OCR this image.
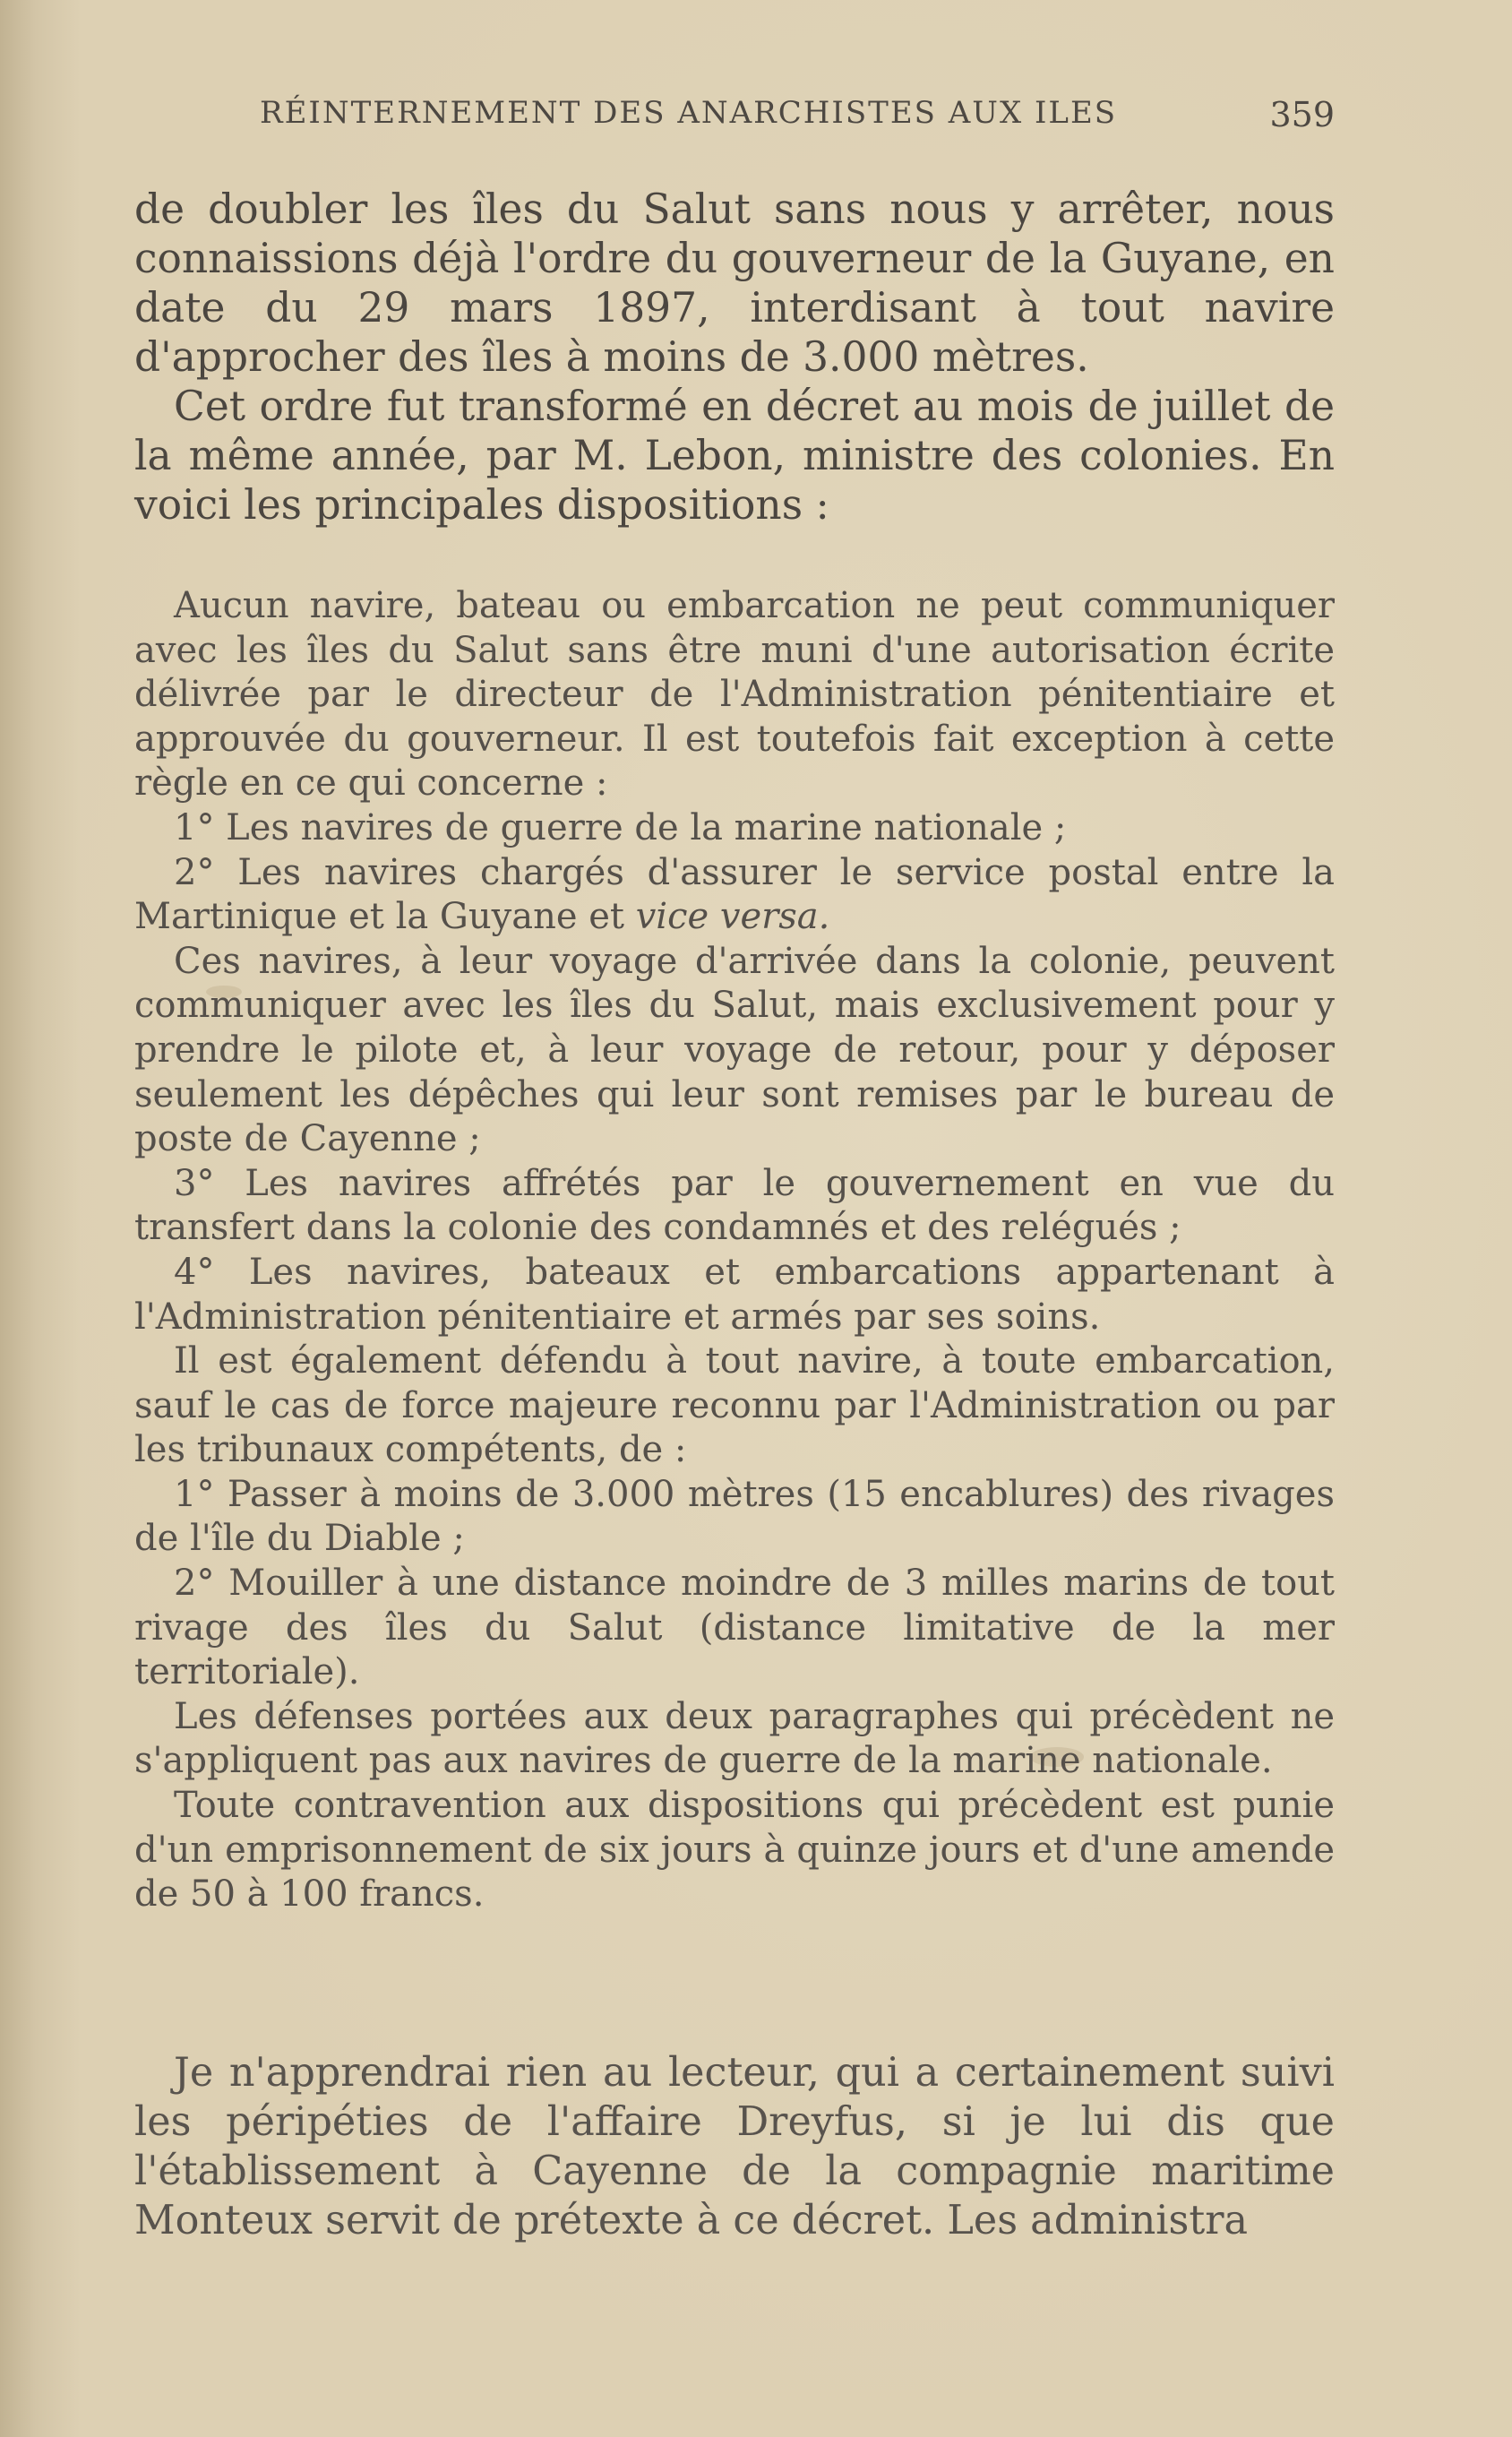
RÉINTERNEMENT DES ANARCHISTES AUX ILES	359

de doubler les îles du Salut sans nous y arrêter, nous connaissions déjà l'ordre du gouverneur de la Guyane, en date du 29 mars 1897, interdisant à tout navire d'approcher des îles à moins de 3.000 mètres.

Cet ordre fut transformé en décret au mois de juillet de la même année, par M. Lebon, ministre des colonies. En voici les principales dispositions :

Aucun navire, bateau ou embarcation ne peut communiquer avec les îles du Salut sans être muni d'une autorisation écrite délivrée par le directeur de l'Administration pénitentiaire et approuvée du gouverneur. Il est toutefois fait exception à cette règle en ce qui concerne :

1° Les navires de guerre de la marine nationale ;

2° Les navires chargés d'assurer le service postal entre la Martinique et la Guyane et vice versa.

Ces navires, à leur voyage d'arrivée dans la colonie, peuvent communiquer avec les îles du Salut, mais exclusivement pour y prendre le pilote et, à leur voyage de retour, pour y déposer seulement les dépêches qui leur sont remises par le bureau de poste de Cayenne ;

3° Les navires affrétés par le gouvernement en vue du transfert dans la colonie des condamnés et des relégués ;

4° Les navires, bateaux et embarcations appartenant à l'Administration pénitentiaire et armés par ses soins.

Il est également défendu à tout navire, à toute embarcation, sauf le cas de force majeure reconnu par l'Administration ou par les tribunaux compétents, de :

1° Passer à moins de 3.000 mètres (15 encablures) des rivages de l'île du Diable ;

2° Mouiller à une distance moindre de 3 milles marins de tout rivage des îles du Salut (distance limitative de la mer territoriale).

Les défenses portées aux deux paragraphes qui précèdent ne s'appliquent pas aux navires de guerre de la marine nationale.

Toute contravention aux dispositions qui précèdent est punie d'un emprisonnement de six jours à quinze jours et d'une amende de 50 à 100 francs.

Je n'apprendrai rien au lecteur, qui a certainement suivi les péripéties de l'affaire Dreyfus, si je lui dis que l'établissement à Cayenne de la compagnie maritime Monteux servit de prétexte à ce décret. Les administra
